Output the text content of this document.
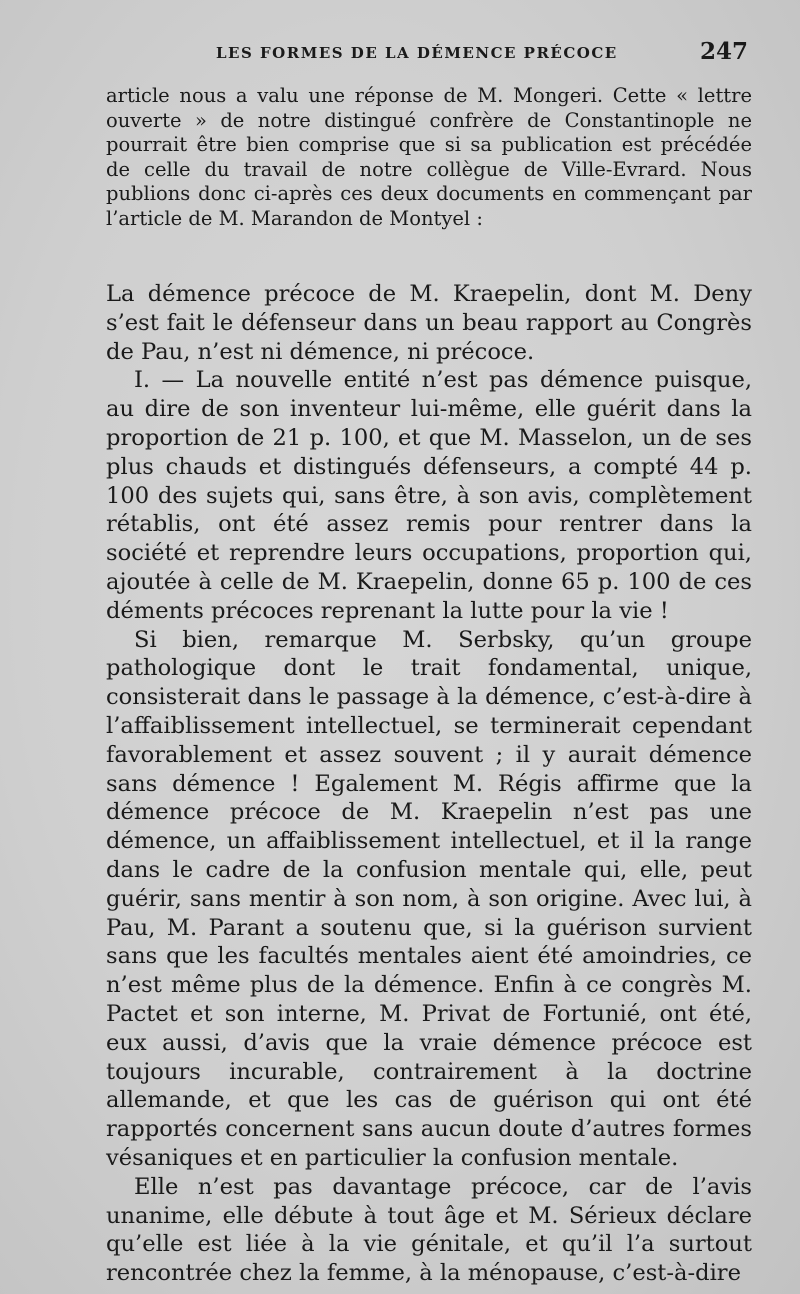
LES FORMES DE LA DÉMENCE PRÉCOCE	247

article nous a valu une réponse de M. Mongeri. Cette « lettre ouverte » de notre distingué confrère de Constantinople ne pourrait être bien comprise que si sa publication est précédée de celle du travail de notre collègue de Ville-Evrard. Nous publions donc ci-après ces deux documents en commençant par l’article de M. Marandon de Montyel :

La démence précoce de M. Kraepelin, dont M. Deny s’est fait le défenseur dans un beau rapport au Congrès de Pau, n’est ni démence, ni précoce.

I. — La nouvelle entité n’est pas démence puisque, au dire de son inventeur lui-même, elle guérit dans la proportion de 21 p. 100, et que M. Masselon, un de ses plus chauds et distingués défenseurs, a compté 44 p. 100 des sujets qui, sans être, à son avis, complètement rétablis, ont été assez remis pour rentrer dans la société et reprendre leurs occupations, proportion qui, ajoutée à celle de M. Kraepelin, donne 65 p. 100 de ces déments précoces reprenant la lutte pour la vie !

Si bien, remarque M. Serbsky, qu’un groupe pathologique dont le trait fondamental, unique, consisterait dans le passage à la démence, c’est-à-dire à l’affaiblissement intellectuel, se terminerait cependant favorablement et assez souvent ; il y aurait démence sans démence ! Egalement M. Régis affirme que la démence précoce de M. Kraepelin n’est pas une démence, un affaiblissement intellectuel, et il la range dans le cadre de la confusion mentale qui, elle, peut guérir, sans mentir à son nom, à son origine. Avec lui, à Pau, M. Parant a soutenu que, si la guérison survient sans que les facultés mentales aient été amoindries, ce n’est même plus de la démence. Enfin à ce congrès M. Pactet et son interne, M. Privat de Fortunié, ont été, eux aussi, d’avis que la vraie démence précoce est toujours incurable, contrairement à la doctrine allemande, et que les cas de guérison qui ont été rapportés concernent sans aucun doute d’autres formes vésaniques et en particulier la confusion mentale.

Elle n’est pas davantage précoce, car de l’avis unanime, elle débute à tout âge et M. Sérieux déclare qu’elle est liée à la vie génitale, et qu’il l’a surtout rencontrée chez la femme, à la ménopause, c’est-à-dire
